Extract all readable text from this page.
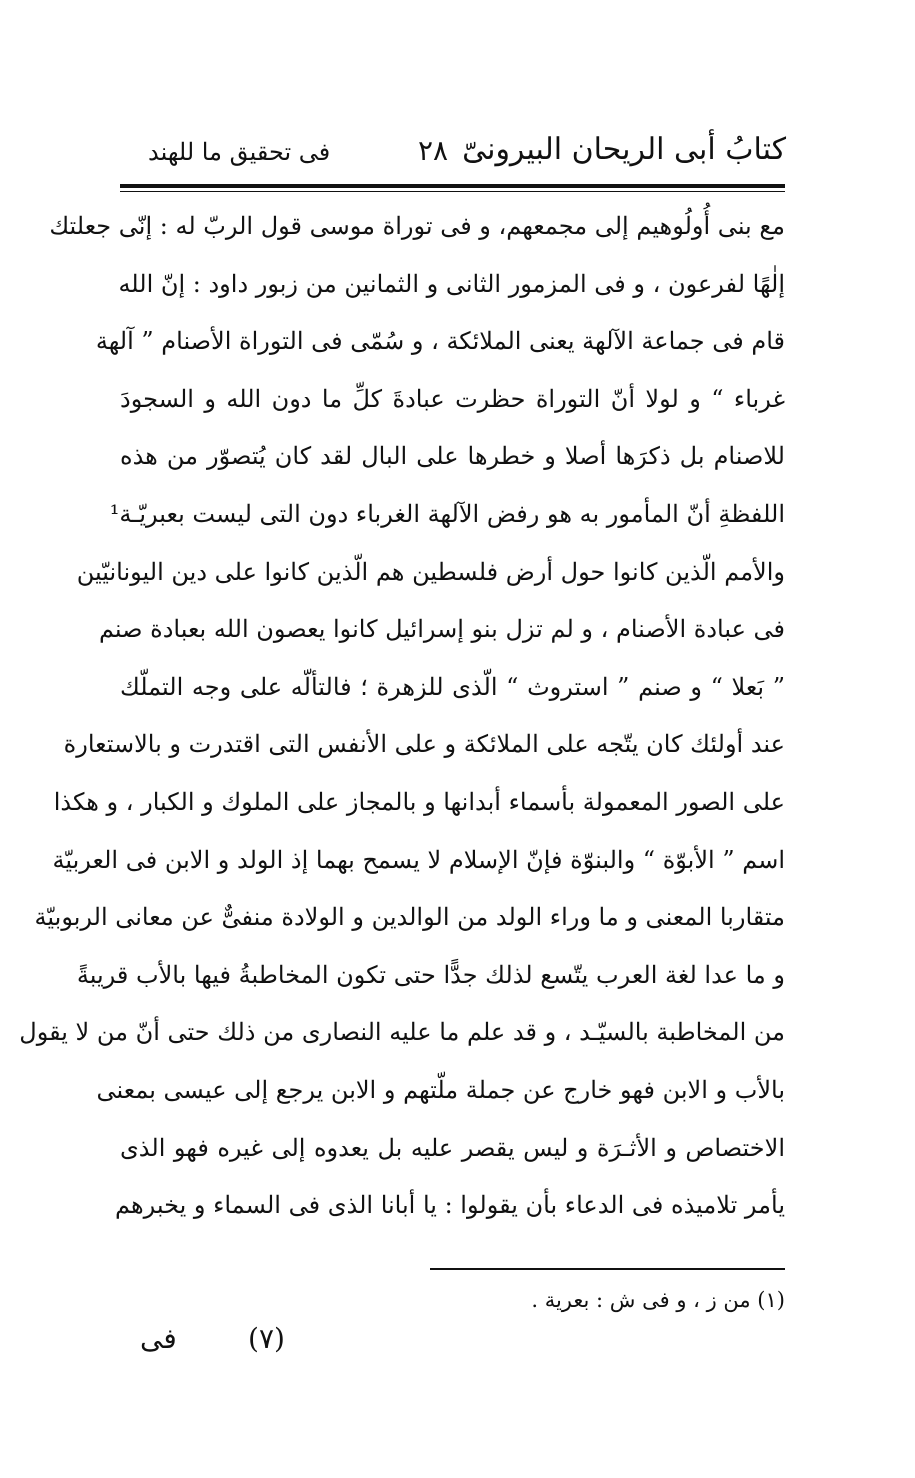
كتابُ أبى الريحان البيرونىّ
٢٨
فى تحقيق ما للهند
مع بنى أُولُوهيم إلى مجمعهم، و فى توراة موسى قول الربّ له : إنّى جعلتك
إلٰهًا لفرعون ، و فى المزمور الثانى و الثمانين من زبور داود : إنّ الله
قام فى جماعة الآلهة يعنى الملائكة ، و سُمّى فى التوراة الأصنام ” آلهة
غرباء “ و لولا أنّ التوراة حظرت عبادةَ كلِّ ما دون الله و السجودَ
للاصنام بل ذكرَها أصلا و خطرها على البال لقد كان يُتصوّر من هذه
اللفظةِ أنّ المأمور به هو رفض الآلهة الغرباء دون التى ليست بعبريّـة¹
والأمم الّذين كانوا حول أرض فلسطين هم الّذين كانوا على دين اليونانيّين
فى عبادة الأصنام ، و لم تزل بنو إسرائيل كانوا يعصون الله بعبادة صنم
” بَعلا “ و صنم ” استروث “ الّذى للزهرة ؛ فالتألّه على وجه التملّك
عند أولئك كان يتّجه على الملائكة و على الأنفس التى اقتدرت و بالاستعارة
على الصور المعمولة بأسماء أبدانها و بالمجاز على الملوك و الكبار ، و هكذا
اسم ” الأبوّة “ والبنوّة فإنّ الإسلام لا يسمح بهما إذ الولد و الابن فى العربيّة
متقاربا المعنى و ما وراء الولد من الوالدين و الولادة منفىٌّ عن معانى الربوبيّة
و ما عدا لغة العرب يتّسع لذلك جدًّا حتى تكون المخاطبةُ فيها بالأب قريبةً
من المخاطبة بالسيّـد ، و قد علم ما عليه النصارى من ذلك حتى أنّ من لا يقول
بالأب و الابن فهو خارج عن جملة ملّتهم و الابن يرجع إلى عيسى بمعنى
الاختصاص و الأثـرَة و ليس يقصر عليه بل يعدوه إلى غيره فهو الذى
يأمر تلاميذه فى الدعاء بأن يقولوا : يا أبانا الذى فى السماء و يخبرهم
(١) من ز ، و فى ش : بعرية .
(٧)
فى
